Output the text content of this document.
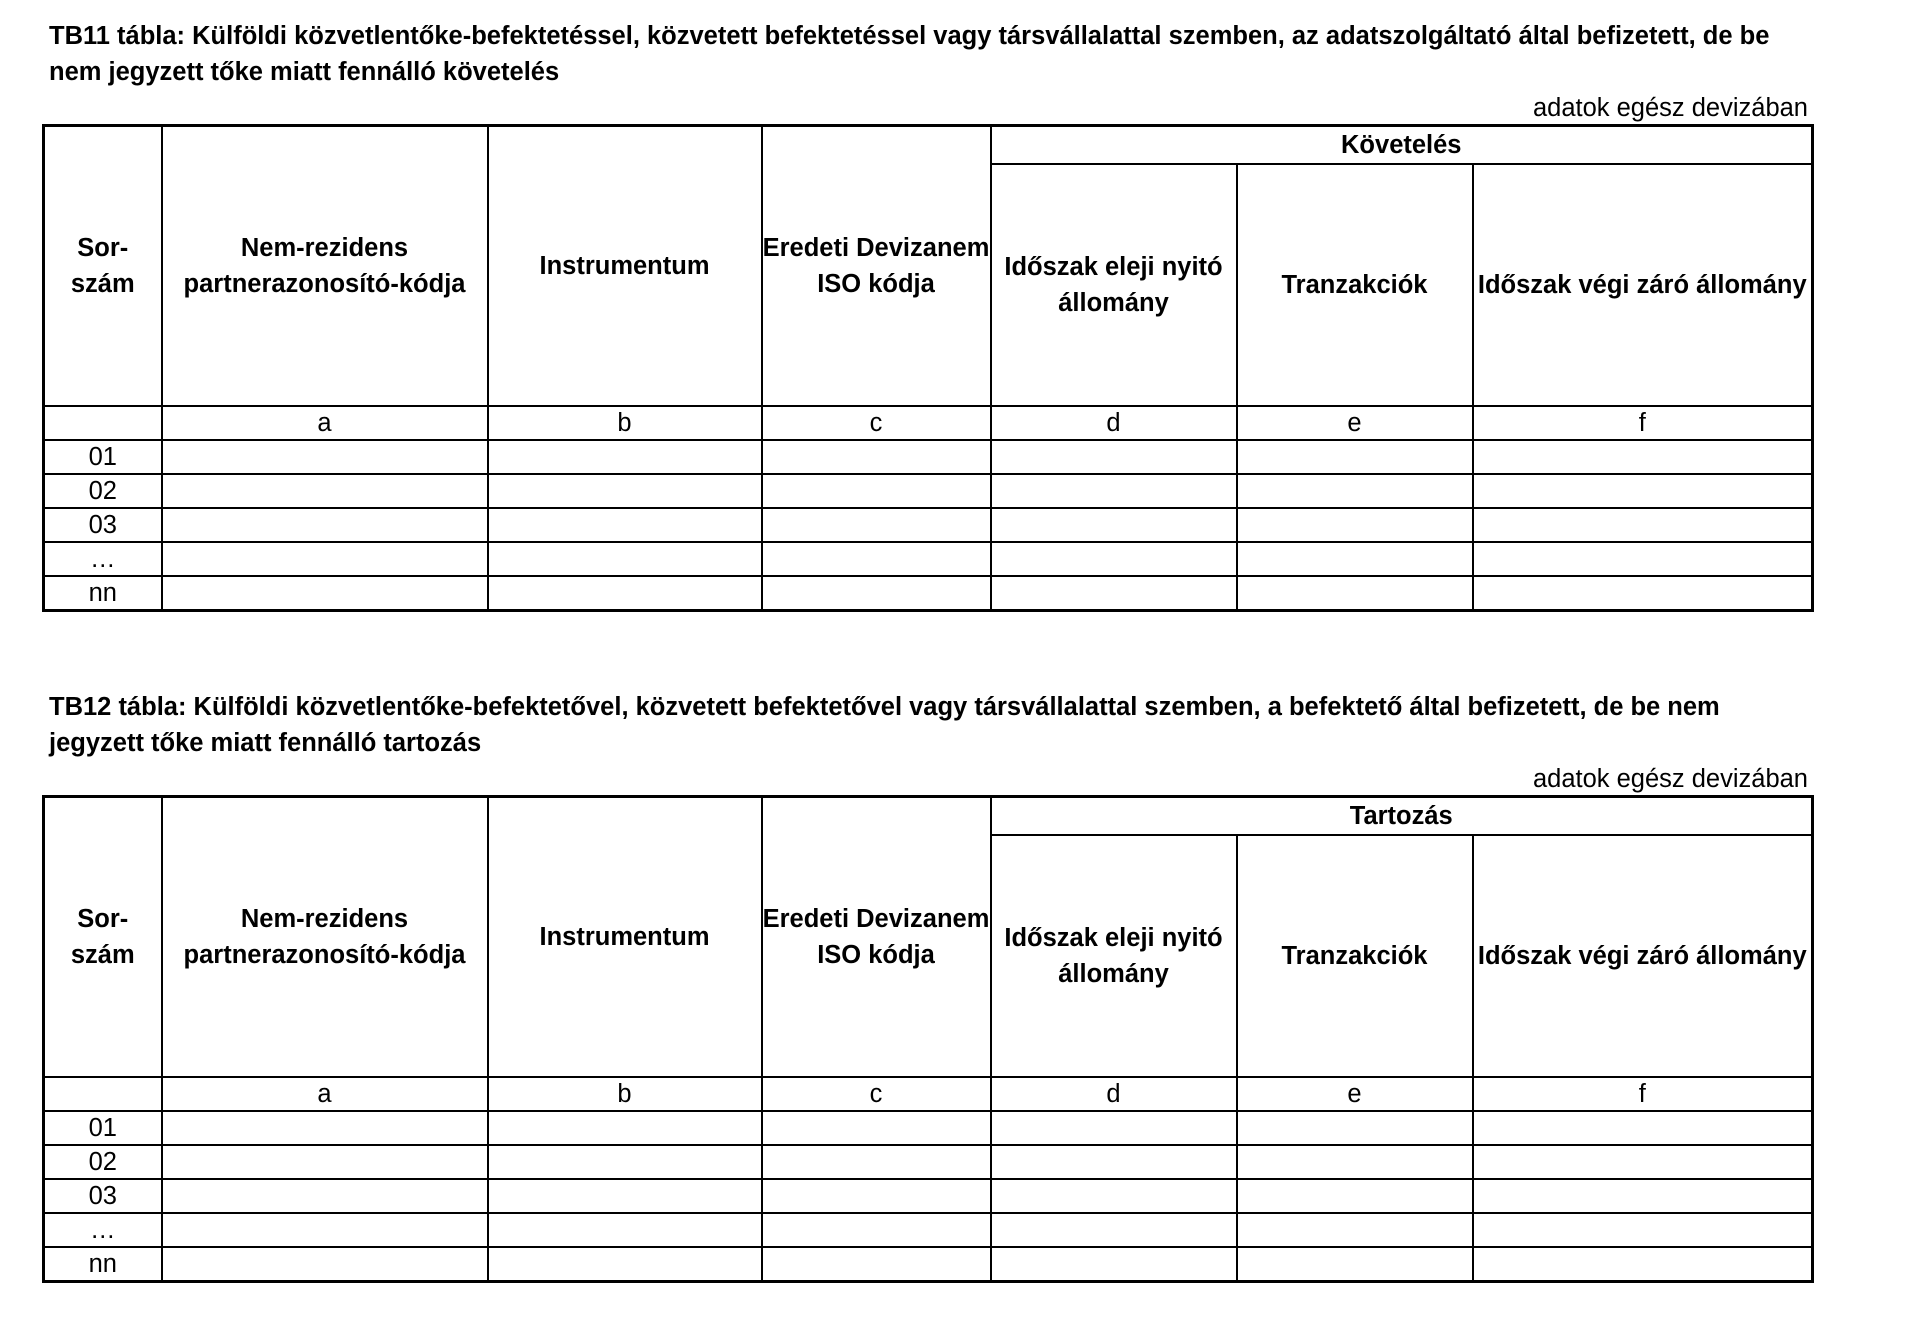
TB11 tábla: Külföldi közvetlentőke-befektetéssel, közvetett befektetéssel vagy társvállalattal szemben, az adatszolgáltató által befizetett, de be nem jegyzett tőke miatt fennálló követelés
adatok egész devizában
Sor-
szám	Nem-rezidens partnerazonosító-kódja	Instrumentum	Eredeti Devizanem ISO kódja	Követelés		
				Időszak eleji nyitó állomány	Tranzakciók	Időszak végi záró állomány
	a	b	c	d	e	f
01						
02						
03						
…						
nn						
TB12 tábla: Külföldi közvetlentőke-befektetővel, közvetett befektetővel vagy társvállalattal szemben, a befektető által befizetett, de be nem jegyzett tőke miatt fennálló tartozás
adatok egész devizában
Sor-
szám	Nem-rezidens partnerazonosító-kódja	Instrumentum	Eredeti Devizanem ISO kódja	Tartozás		
				Időszak eleji nyitó állomány	Tranzakciók	Időszak végi záró állomány
	a	b	c	d	e	f
01						
02						
03						
…						
nn						
